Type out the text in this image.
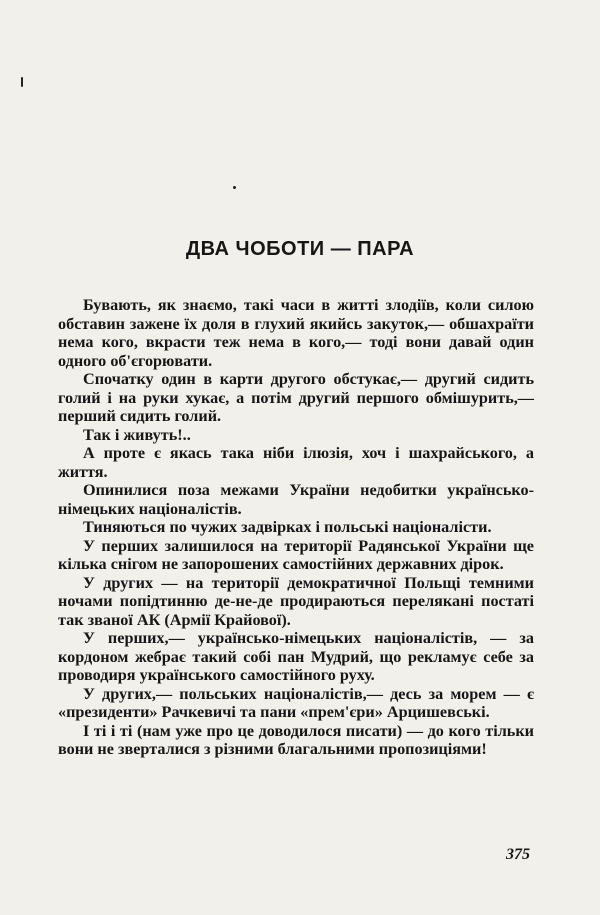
ДВА ЧОБОТИ — ПАРА

Бувають, як знаємо, такі часи в житті злодіїв, коли силою обставин зажене їх доля в глухий якийсь закуток,— обшахраїти нема кого, вкрасти теж нема в кого,— тоді вони давай один одного об'єгорювати.

Спочатку один в карти другого обстукає,— другий сидить голий і на руки хукає, а потім другий першого обмішурить,— перший сидить голий.

Так і живуть!..

А проте є якась така ніби ілюзія, хоч і шахрайського, а життя.

Опинилися поза межами України недобитки українсько-німецьких націоналістів.

Тиняються по чужих задвірках і польські націоналісти.

У перших залишилося на території Радянської України ще кілька снігом не запорошених самостійних державних дірок.

У других — на території демократичної Польщі темними ночами попідтинню де-не-де продираються перелякані постаті так званої АК (Армії Крайової).

У перших,— українсько-німецьких націоналістів, — за кордоном жебрає такий собі пан Мудрий, що рекламує себе за проводиря українського самостійного руху.

У других,— польських націоналістів,— десь за морем — є «президенти» Рачкевичі та пани «прем'єри» Арцишевські.

І ті і ті (нам уже про це доводилося писати) — до кого тільки вони не зверталися з різними благальними пропозиціями!

375
